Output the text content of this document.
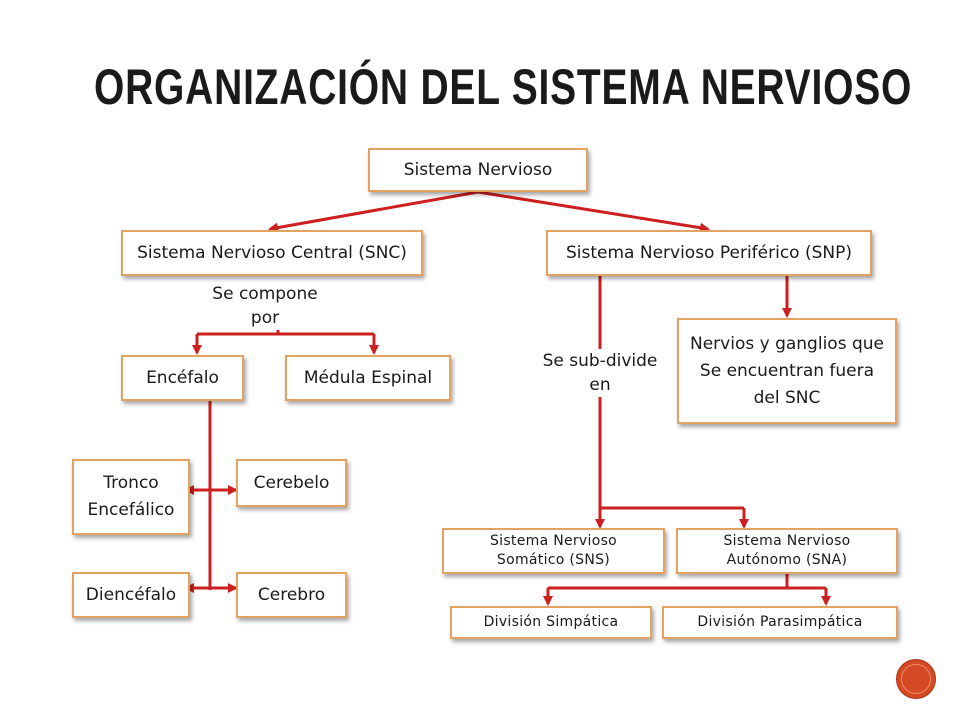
ORGANIZACIÓN DEL SISTEMA NERVIOSO
Se compone
por
Se sub-divide
en
Sistema Nervioso
Sistema Nervioso Central (SNC)	Sistema Nervioso Periférico (SNP)
Encéfalo	Médula Espinal
Nervios y ganglios que
Se encuentran fuera
del SNC
Tronco
Encefálico
Cerebelo
Diencéfalo	Cerebro
Sistema Nervioso
Somático (SNS)
Sistema Nervioso
Autónomo (SNA)
División Simpática	División Parasimpática
